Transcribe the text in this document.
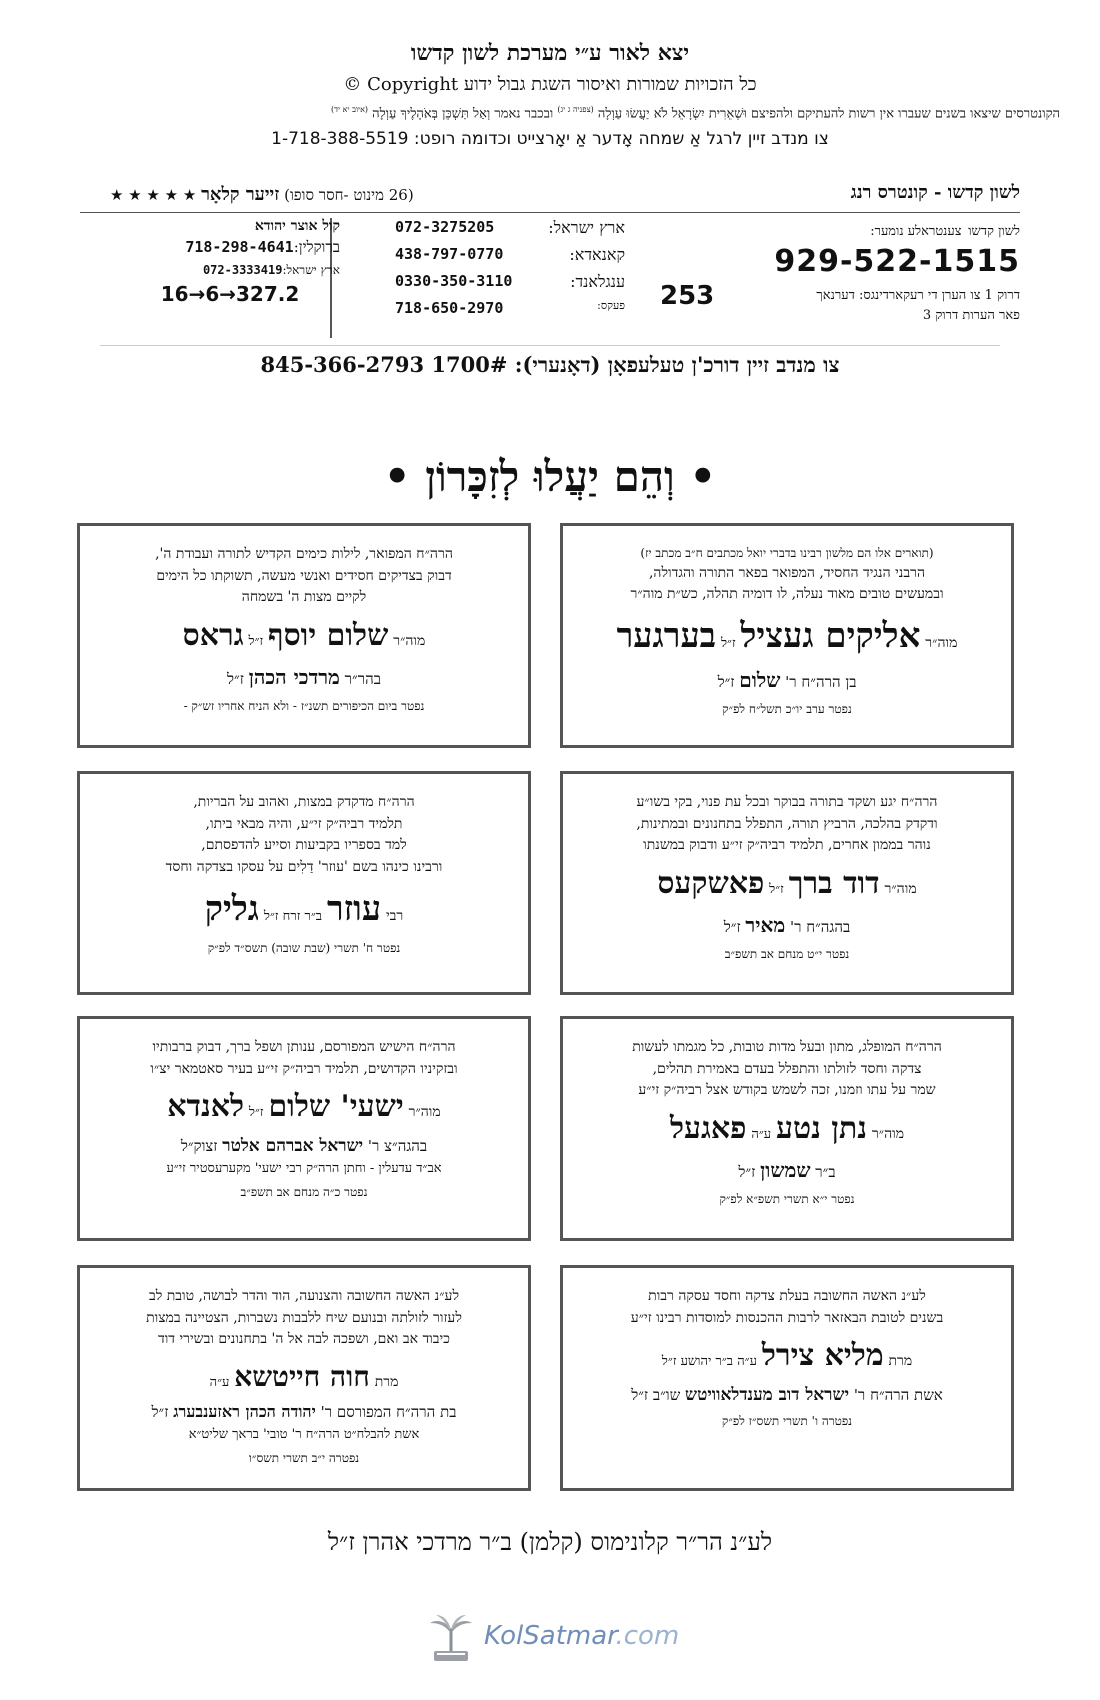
יצא לאור ע״י מערכת לשון קדשו
כל הזכויות שמורות ואיסור השגת גבול ידוע Copyright ©
הקונטרסים שיצאו בשנים שעברו אין רשות להעתיקם ולהפיצם וּשְׁאֵרִית יִשְׂרָאֵל לֹא יַעֲשׂוּ עַוְלָה $^{(צפניה ג יג)}$ ובכבר נאמר וְאַל תַּשְׁכֵּן בְּאֹהָלֶיךָ עַוְלָה $^{(איוב יא יד)}$
צו מנדב זיין לרגל אַ שמחה אָדער אַ יאָרצייט וכדומה רופט: 1-718-388-5519
לשון קדשו - קונטרס רנג
(26 מינוט -חסר סופו) זייער קלאָר ★ ★ ★ ★ ★
לשון קדשו צענטראלע נומער:
929-522-1515
דרוק 1 צו הערן די רעקארדינגס: דערנאך
253
פאר הערות דרוק 3
ארץ ישראל:
072-3275205
קאנאדא:
438-797-0770
ענגלאנד:
0330-350-3110
פעקס:
718-650-2970
קול אוצר יהודא
ברוקלין:718-298-4641
ארץ ישראל:072-3333419
16→6→327.2
צו מנדב זיין דורכ'ן טעלעפאָן (דאָנערי): 1700# 845-366-2793
• וְהֵם יַעֲלוּ לְזִכָּרוֹן •
(תוארים אלו הם מלשון רבינו בדברי יואל מכתבים ח״ב מכתב יז)
הרבני הנגיד החסיד, המפואר בפאר התורה והגדולה,
ובמעשים טובים מאוד נעלה, לו דומיה תהלה, כש״ת מוה״ר
מוה״ר אליקים געציל ז״ל בערגער
בן הרה״ח ר' שלום ז״ל
נפטר ערב יו״כ תשל״ח לפ״ק
הרה״ח המפואר, לילות כימים הקדיש לתורה ועבודת ה',
דבוק בצדיקים חסידים ואנשי מעשה, תשוקתו כל הימים
לקיים מצות ה' בשמחה
מוה״ר שלום יוסף ז״ל גראס
בהר״ר מרדכי הכהן ז״ל
נפטר ביום הכיפורים תשנ״ז - ולא הניח אחריו זש״ק -
הרה״ח יגע ושקד בתורה בבוקר ובכל עת פנוי, בקי בשו״ע
ודקדק בהלכה, הרביץ תורה, התפלל בתחנונים ובמתינות,
נוהר בממון אחרים, תלמיד רביה״ק זי״ע ודבוק במשנתו
מוה״ר דוד ברך ז״ל פאשקעס
בהגה״ח ר' מאיר ז״ל
נפטר י״ט מנחם אב תשפ״ב
הרה״ח מדקדק במצות, ואהוב על הבריות,
תלמיד רביה״ק זי״ע, והיה מבאי ביתו,
למד בספריו בקביעות וסייע להדפסתם,
ורבינו כינהו בשם 'עוזר' דַלִים על עסקו בצדקה וחסד
רבי עוזר ב״ר זרח ז״ל גליק
נפטר ח' תשרי (שבת שובה) תשס״ד לפ״ק
הרה״ח המופלג, מתון ובעל מדות טובות, כל מגמתו לעשות
צדקה וחסד לזולתו והתפלל בעדם באמירת תהלים,
שמר על עתו וזמנו, זכה לשמש בקודש אצל רביה״ק זי״ע
מוה״ר נתן נטע ע״ה פאגעל
ב״ר שמשון ז״ל
נפטר י״א תשרי תשפ״א לפ״ק
הרה״ח הישיש המפורסם, ענותן ושפל ברך, דבוק ברבותיו
ובזקיניו הקדושים, תלמיד רביה״ק זי״ע בעיר סאטמאר יצ״ו
מוה״ר ישעי' שלום ז״ל לאנדא
בהגה״צ ר' ישראל אברהם אלטר זצוק״ל
אב״ד עדעלין - וחתן הרה״ק רבי ישעי' מקערעסטיר זי״ע
נפטר כ״ה מנחם אב תשפ״ב
לע״נ האשה החשובה בעלת צדקה וחסד עסקה רבות
בשנים לטובת הבאזאר לרבות ההכנסות למוסדות רבינו זי״ע
מרת מליא צירל ע״ה ב״ר יהושע ז״ל
אשת הרה״ח ר' ישראל דוב מענדלאוויטש שו״ב ז״ל
נפטרה ו' תשרי תשס״ז לפ״ק
לע״נ האשה החשובה והצנועה, הוד והדר לבושה, טובת לב
לעזור לזולתה ובנועם שיח ללבבות נשברות, הצטיינה במצות
כיבוד אב ואם, ושפכה לבה אל ה' בתחנונים ובשירי דוד
מרת חוה חייטשא ע״ה
בת הרה״ח המפורסם ר' יהודה הכהן ראזענבערג ז״ל
אשת להבלח״ט הרה״ח ר' טובי' בראך שליט״א
נפטרה י״ב תשרי תשס״ו
לע״נ הר״ר קלונימוס (קלמן) ב״ר מרדכי אהרן ז״ל
KolSatmar.com
